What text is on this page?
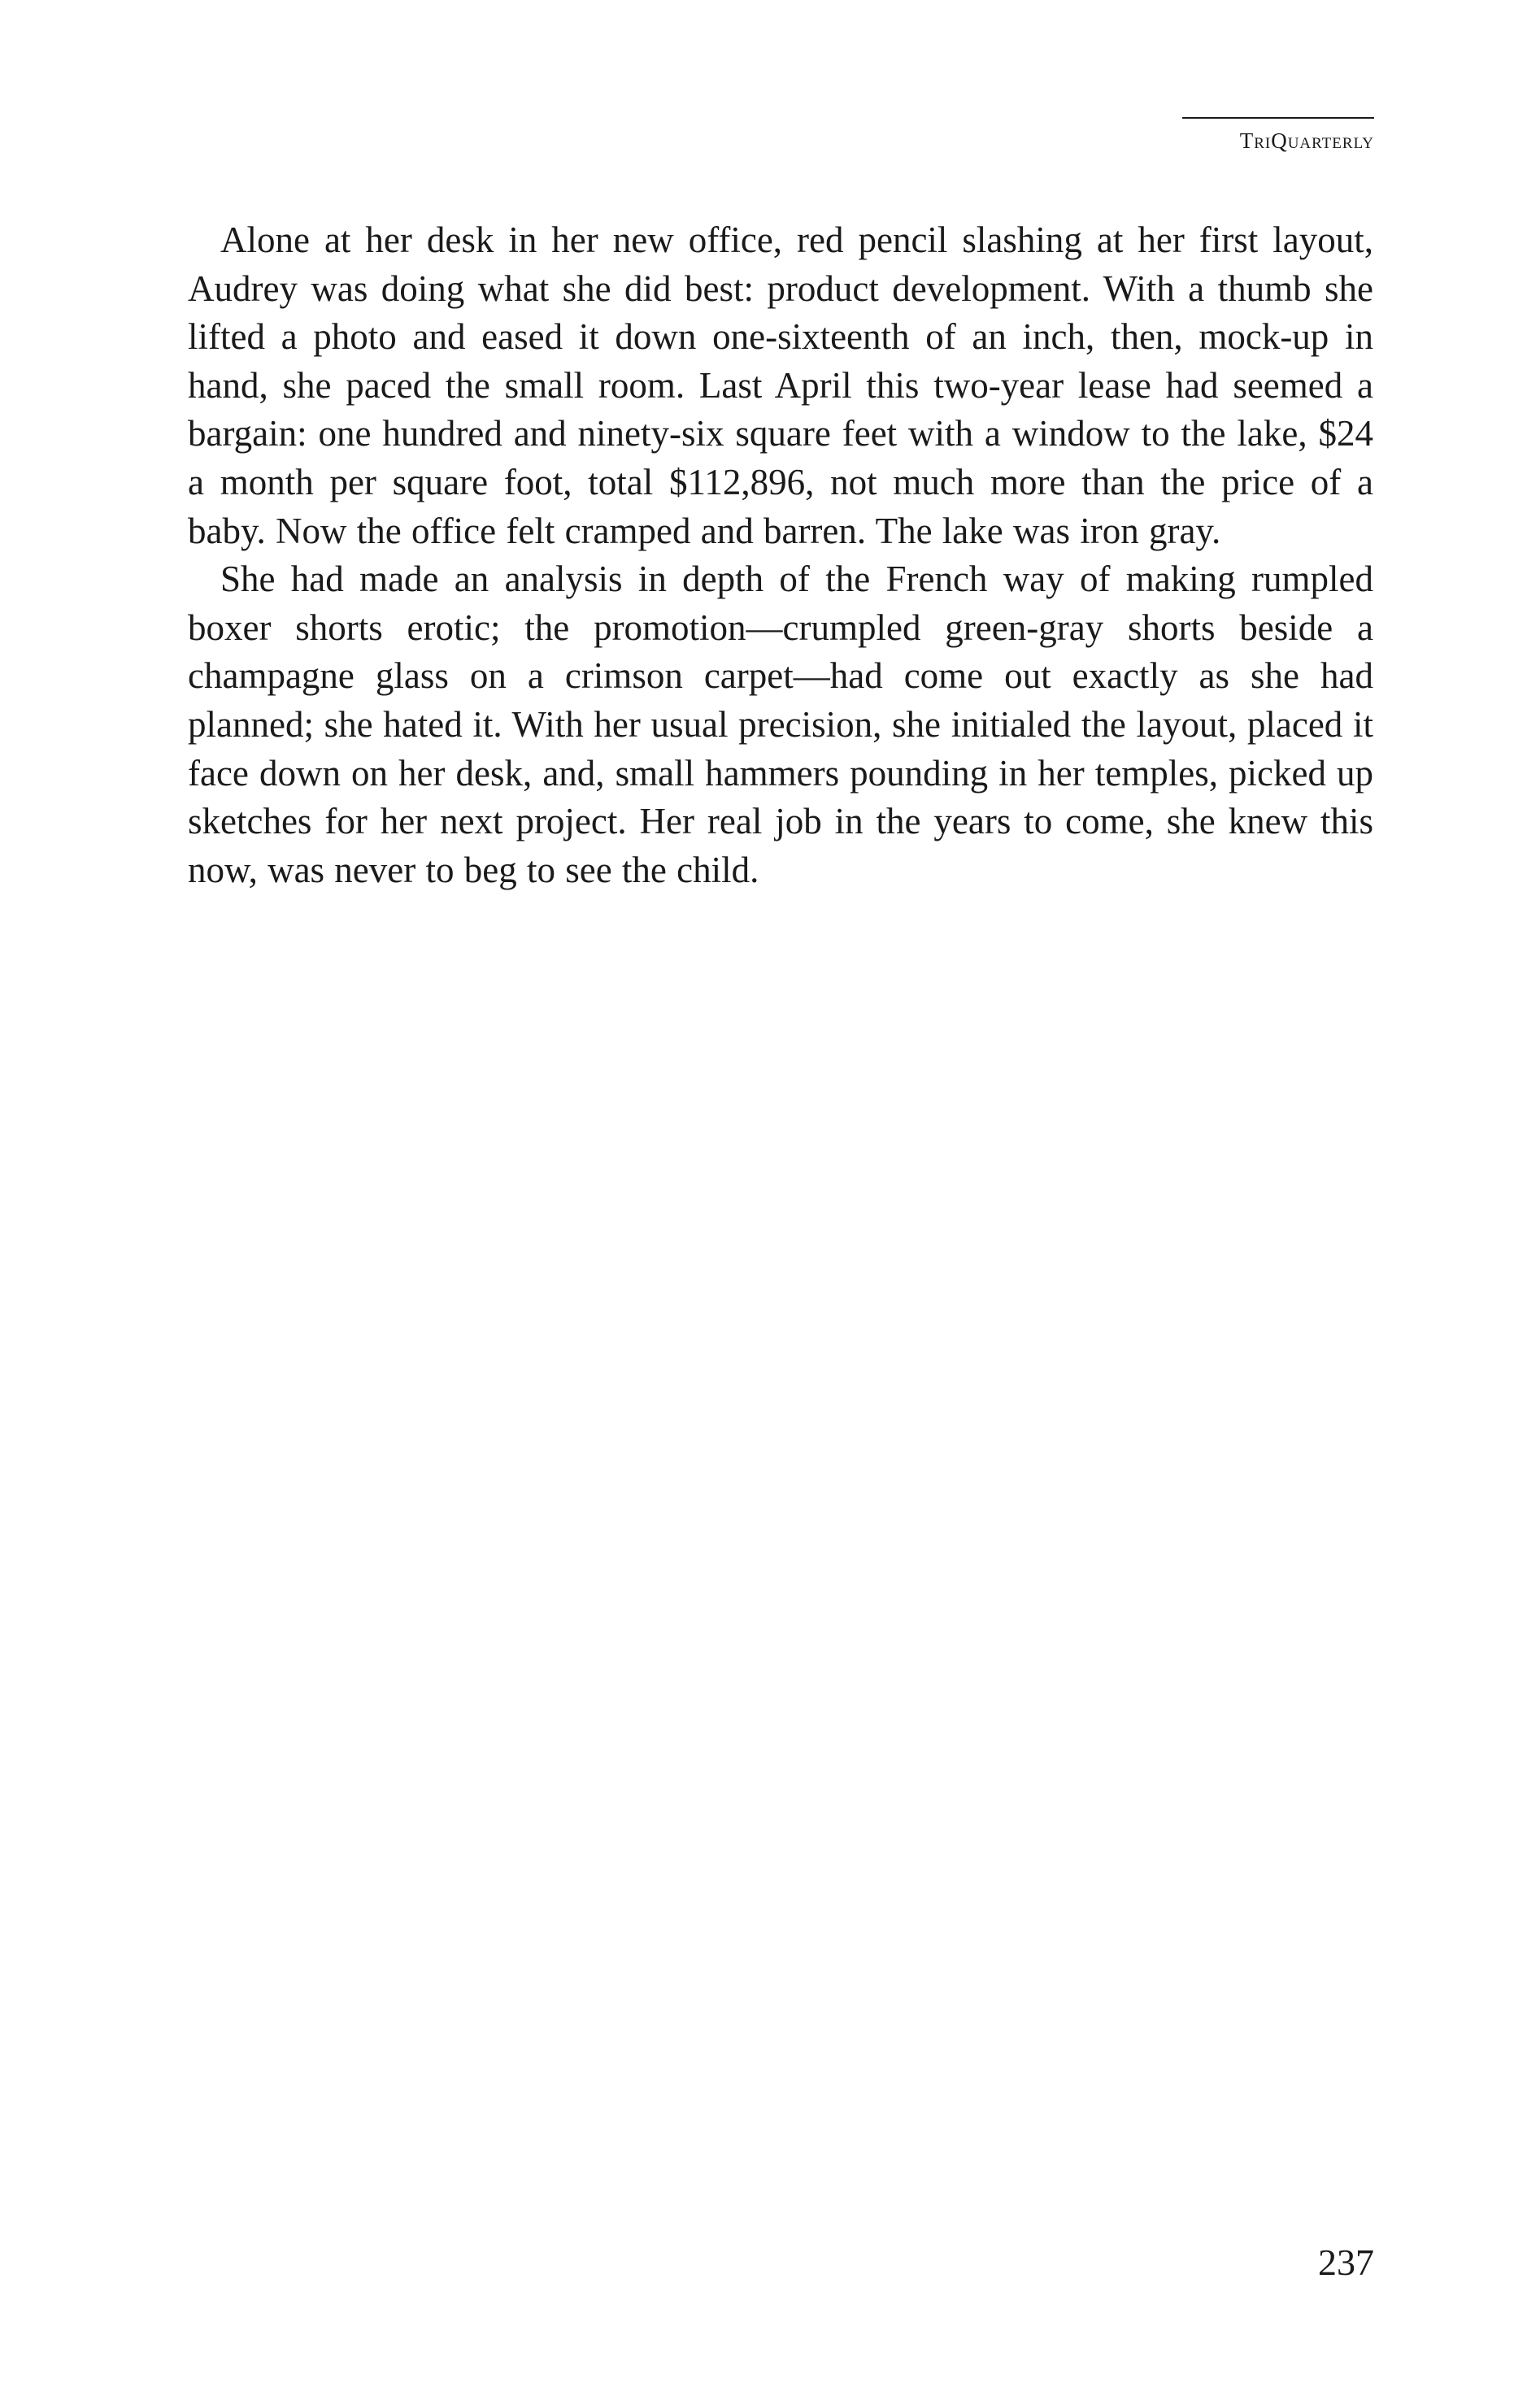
TriQuarterly

Alone at her desk in her new office, red pencil slashing at her first layout, Audrey was doing what she did best: product development. With a thumb she lifted a photo and eased it down one-sixteenth of an inch, then, mock-up in hand, she paced the small room. Last April this two-year lease had seemed a bargain: one hundred and ninety-six square feet with a window to the lake, $24 a month per square foot, total $112,896, not much more than the price of a baby. Now the office felt cramped and barren. The lake was iron gray.

She had made an analysis in depth of the French way of making rumpled boxer shorts erotic; the promotion—crumpled green-gray shorts beside a champagne glass on a crimson carpet—had come out exactly as she had planned; she hated it. With her usual precision, she initialed the layout, placed it face down on her desk, and, small hammers pounding in her temples, picked up sketches for her next project. Her real job in the years to come, she knew this now, was never to beg to see the child.

237
